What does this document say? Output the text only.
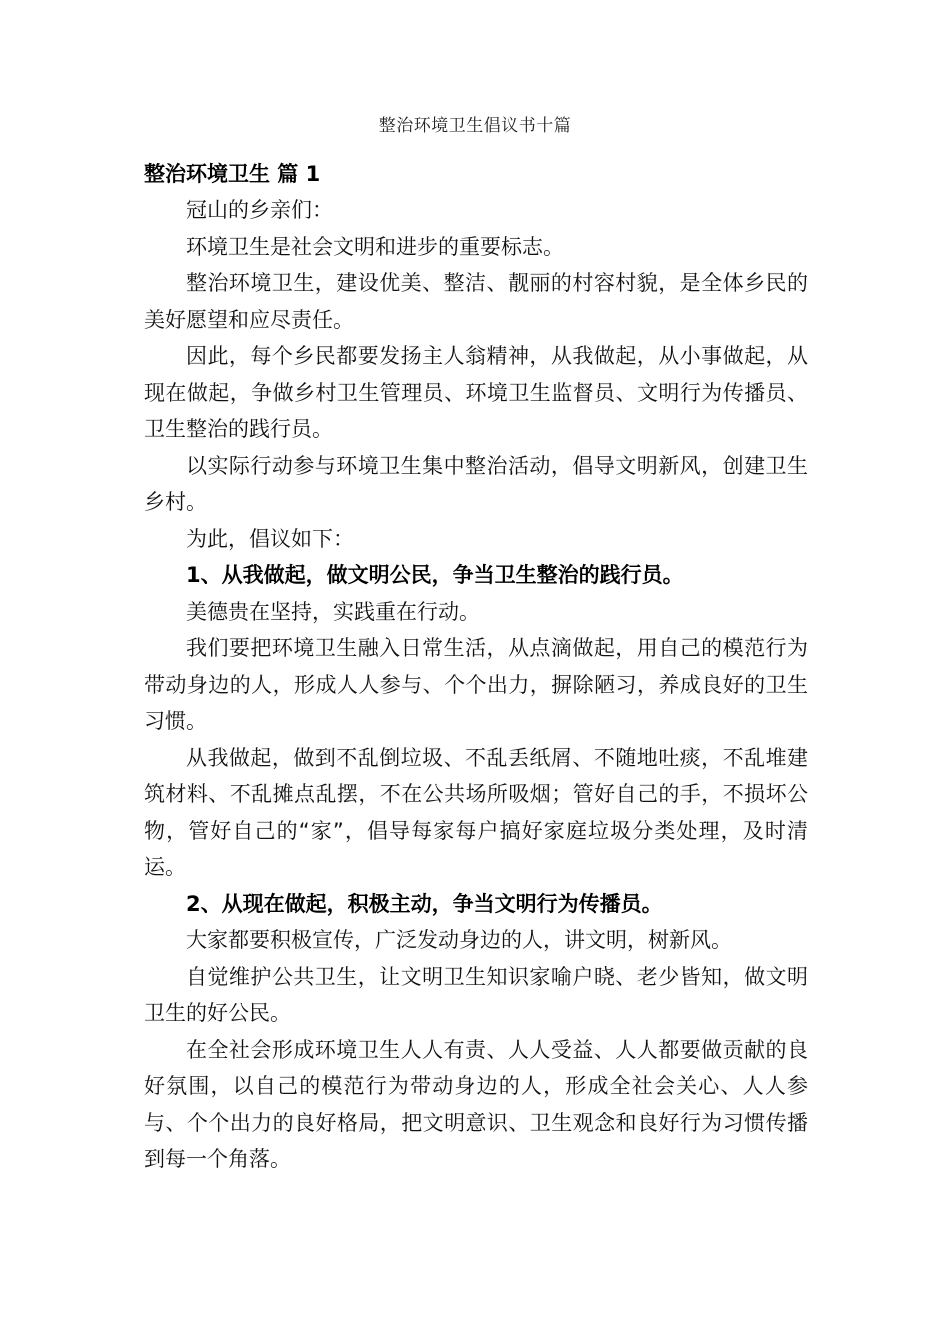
整治环境卫生倡议书十篇
整治环境卫生 篇 1

冠山的乡亲们：

环境卫生是社会文明和进步的重要标志。

整治环境卫生，建设优美、整洁、靓丽的村容村貌，是全体乡民的美好愿望和应尽责任。

因此，每个乡民都要发扬主人翁精神，从我做起，从小事做起，从现在做起，争做乡村卫生管理员、环境卫生监督员、文明行为传播员、卫生整治的践行员。

以实际行动参与环境卫生集中整治活动，倡导文明新风，创建卫生乡村。

为此，倡议如下：

1、从我做起，做文明公民，争当卫生整治的践行员。

美德贵在坚持，实践重在行动。

我们要把环境卫生融入日常生活，从点滴做起，用自己的模范行为带动身边的人，形成人人参与、个个出力，摒除陋习，养成良好的卫生习惯。

从我做起，做到不乱倒垃圾、不乱丢纸屑、不随地吐痰，不乱堆建筑材料、不乱摊点乱摆，不在公共场所吸烟；管好自己的手，不损坏公物，管好自己的“家”，倡导每家每户搞好家庭垃圾分类处理，及时清运。

2、从现在做起，积极主动，争当文明行为传播员。

大家都要积极宣传，广泛发动身边的人，讲文明，树新风。

自觉维护公共卫生，让文明卫生知识家喻户晓、老少皆知，做文明卫生的好公民。

在全社会形成环境卫生人人有责、人人受益、人人都要做贡献的良好氛围，以自己的模范行为带动身边的人，形成全社会关心、人人参与、个个出力的良好格局，把文明意识、卫生观念和良好行为习惯传播到每一个角落。
